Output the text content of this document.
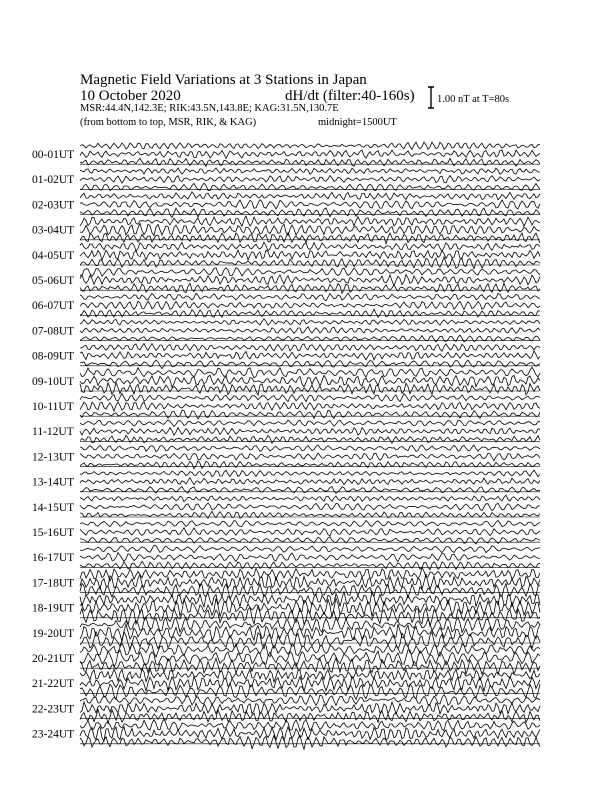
Magnetic Field Variations at 3 Stations in Japan
10 October 2020	dH/dt (filter:40-160s)
MSR:44.4N,142.3E; RIK:43.5N,143.8E; KAG:31.5N,130.7E
(from bottom to top, MSR, RIK, & KAG)	midnight=1500UT
1.00 nT at T=80s
00-01UT
01-02UT
02-03UT
03-04UT
04-05UT
05-06UT
06-07UT
07-08UT
08-09UT
09-10UT
10-11UT
11-12UT
12-13UT
13-14UT
14-15UT
15-16UT
16-17UT
17-18UT
18-19UT
19-20UT
20-21UT
21-22UT
22-23UT
23-24UT
